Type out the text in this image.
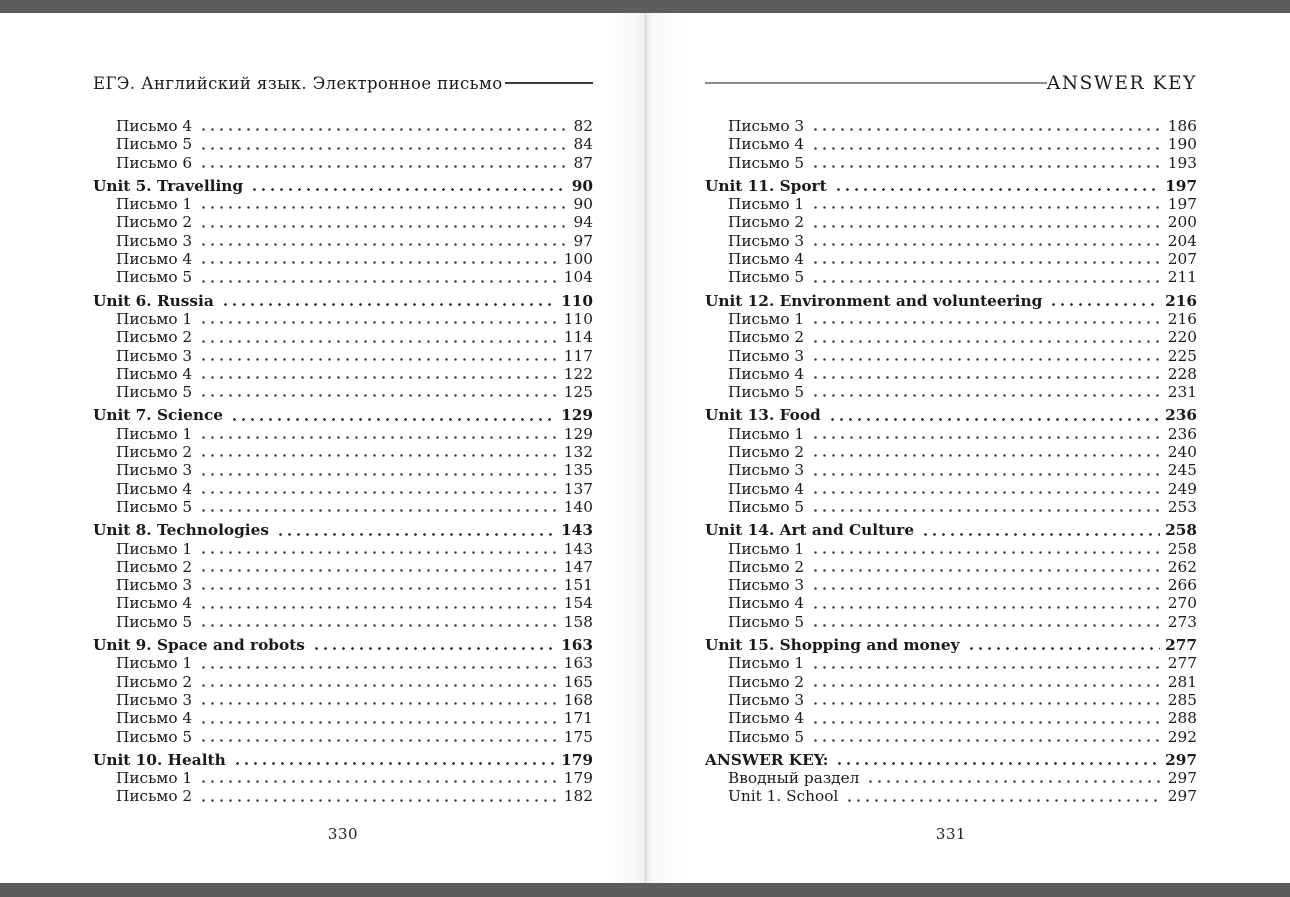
ЕГЭ. Английский язык. Электронное письмо
Письмо 4	82
Письмо 5	84
Письмо 6	87
Unit 5. Travelling	90
Письмо 1	90
Письмо 2	94
Письмо 3	97
Письмо 4	100
Письмо 5	104
Unit 6. Russia	110
Письмо 1	110
Письмо 2	114
Письмо 3	117
Письмо 4	122
Письмо 5	125
Unit 7. Science	129
Письмо 1	129
Письмо 2	132
Письмо 3	135
Письмо 4	137
Письмо 5	140
Unit 8. Technologies	143
Письмо 1	143
Письмо 2	147
Письмо 3	151
Письмо 4	154
Письмо 5	158
Unit 9. Space and robots	163
Письмо 1	163
Письмо 2	165
Письмо 3	168
Письмо 4	171
Письмо 5	175
Unit 10. Health	179
Письмо 1	179
Письмо 2	182
330
ANSWER KEY
Письмо 3	186
Письмо 4	190
Письмо 5	193
Unit 11. Sport	197
Письмо 1	197
Письмо 2	200
Письмо 3	204
Письмо 4	207
Письмо 5	211
Unit 12. Environment and volunteering	216
Письмо 1	216
Письмо 2	220
Письмо 3	225
Письмо 4	228
Письмо 5	231
Unit 13. Food	236
Письмо 1	236
Письмо 2	240
Письмо 3	245
Письмо 4	249
Письмо 5	253
Unit 14. Art and Culture	258
Письмо 1	258
Письмо 2	262
Письмо 3	266
Письмо 4	270
Письмо 5	273
Unit 15. Shopping and money	277
Письмо 1	277
Письмо 2	281
Письмо 3	285
Письмо 4	288
Письмо 5	292
ANSWER KEY:	297
Вводный раздел	297
Unit 1. School	297
331
